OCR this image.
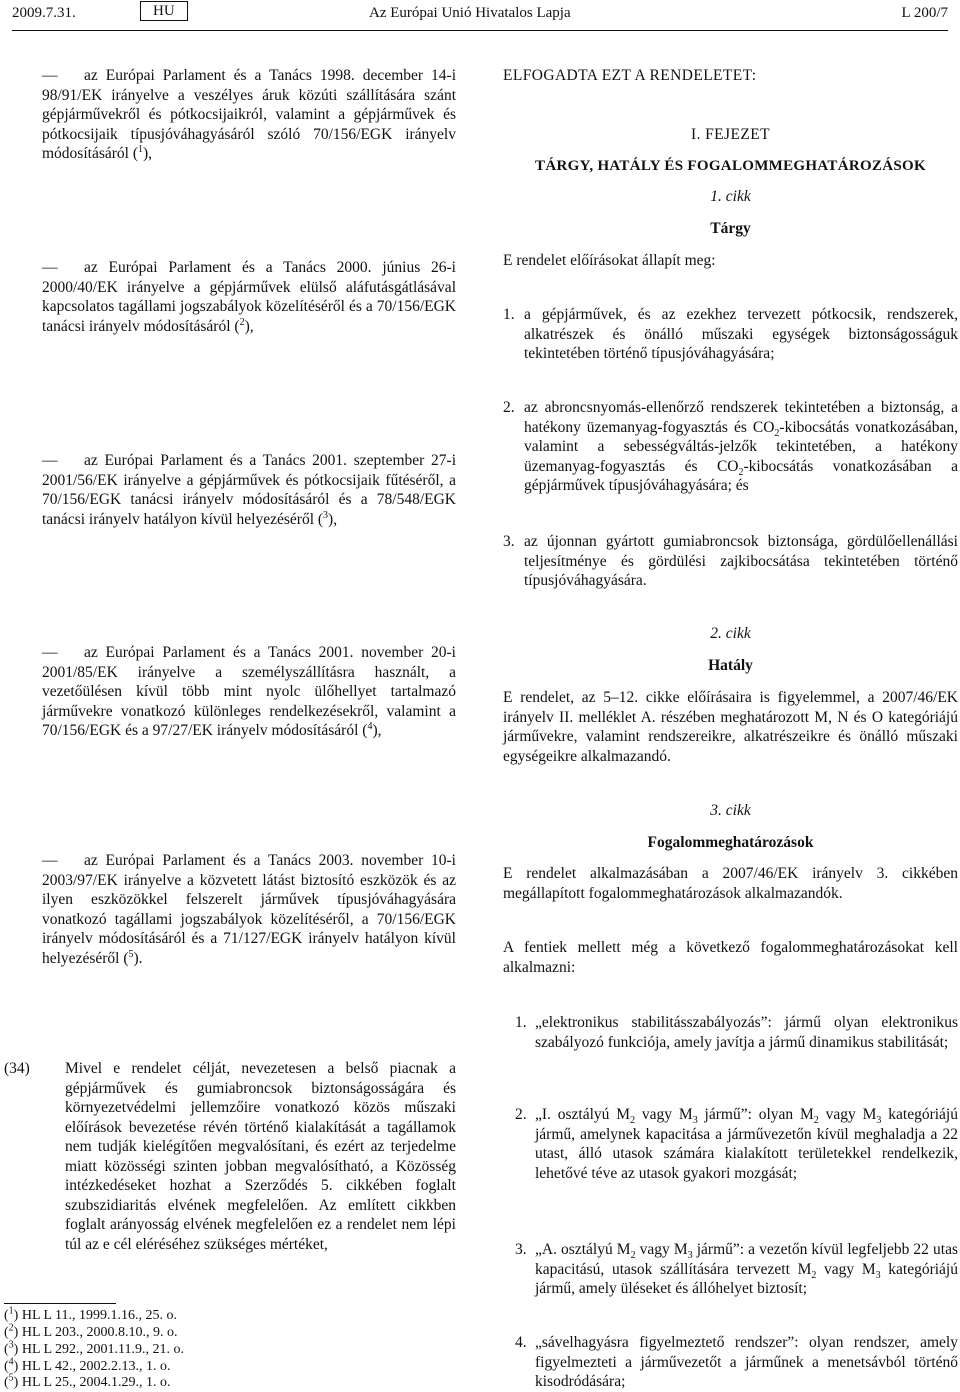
2009.7.31.	HU	Az Európai Unió Hivatalos Lapja	L 200/7
—	az Európai Parlament és a Tanács 1998. december 14-i 98/91/EK irányelve a veszélyes áruk közúti szállítására szánt gépjárművekről és pótkocsijaikról, valamint a gépjárművek és pótkocsijaik típusjóváhagyásáról szóló 70/156/EGK irányelv módosításáról ($^1$),
—	az Európai Parlament és a Tanács 2000. június 26-i 2000/40/EK irányelve a gépjárművek elülső aláfutásgátlásával kapcsolatos tagállami jogszabályok közelítéséről és a 70/156/EGK tanácsi irányelv módosításáról ($^2$),
—	az Európai Parlament és a Tanács 2001. szeptember 27-i 2001/56/EK irányelve a gépjárművek és pótkocsijaik fűtéséről, a 70/156/EGK tanácsi irányelv módosításáról és a 78/548/EGK tanácsi irányelv hatályon kívül helyezéséről ($^3$),
—	az Európai Parlament és a Tanács 2001. november 20-i 2001/85/EK irányelve a személyszállításra használt, a vezetőülésen kívül több mint nyolc ülőhellyet tartalmazó járművekre vonatkozó különleges rendelkezésekről, valamint a 70/156/EGK és a 97/27/EK irányelv módosításáról ($^4$),
—	az Európai Parlament és a Tanács 2003. november 10-i 2003/97/EK irányelve a közvetett látást biztosító eszközök és az ilyen eszközökkel felszerelt járművek típusjóváhagyására vonatkozó tagállami jogszabályok közelítéséről, a 70/156/EGK irányelv módosításáról és a 71/127/EGK irányelv hatályon kívül helyezéséről ($^5$).
(34) Mivel e rendelet célját, nevezetesen a belső piacnak a gépjárművek és gumiabroncsok biztonságosságára és környezetvédelmi jellemzőire vonatkozó közös műszaki előírások bevezetése révén történő kialakítását a tagállamok nem tudják kielégítően megvalósítani, és ezért az terjedelme miatt közösségi szinten jobban megvalósítható, a Közösség intézkedéseket hozhat a Szerződés 5. cikkében foglalt szubszidiaritás elvének megfelelően. Az említett cikkben foglalt arányosság elvének megfelelően ez a rendelet nem lépi túl az e cél eléréséhez szükséges mértéket,
($^1$) HL L 11., 1999.1.16., 25. o.
($^2$) HL L 203., 2000.8.10., 9. o.
($^3$) HL L 292., 2001.11.9., 21. o.
($^4$) HL L 42., 2002.2.13., 1. o.
($^5$) HL L 25., 2004.1.29., 1. o.
ELFOGADTA EZT A RENDELETET:
I. FEJEZET
TÁRGY, HATÁLY ÉS FOGALOMMEGHATÁROZÁSOK
1. cikk
Tárgy
E rendelet előírásokat állapít meg:
1. a gépjárművek, és az ezekhez tervezett pótkocsik, rendszerek, alkatrészek és önálló műszaki egységek biztonságosságuk tekintetében történő típusjóváhagyására;
2. az abroncsnyomás-ellenőrző rendszerek tekintetében a biztonság, a hatékony üzemanyag-fogyasztás és $CO_2$-kibocsátás vonatkozásában, valamint a sebességváltás-jelzők tekintetében, a hatékony üzemanyag-fogyasztás és $CO_2$-kibocsátás vonatkozásában a gépjárművek típusjóváhagyására; és
3. az újonnan gyártott gumiabroncsok biztonsága, gördülőellenállási teljesítménye és gördülési zajkibocsátása tekintetében történő típusjóváhagyására.
2. cikk
Hatály
E rendelet, az 5–12. cikke előírásaira is figyelemmel, a 2007/46/EK irányelv II. melléklet A. részében meghatározott M, N és O kategóriájú járművekre, valamint rendszereikre, alkatrészeikre és önálló műszaki egységeikre alkalmazandó.
3. cikk
Fogalommeghatározások
E rendelet alkalmazásában a 2007/46/EK irányelv 3. cikkében megállapított fogalommeghatározások alkalmazandók.
A fentiek mellett még a következő fogalommeghatározásokat kell alkalmazni:
1. „elektronikus stabilitásszabályozás”: jármű olyan elektronikus szabályozó funkciója, amely javítja a jármű dinamikus stabilitását;
2. „I. osztályú $M_2$ vagy $M_3$ jármű”: olyan $M_2$ vagy $M_3$ kategóriájú jármű, amelynek kapacitása a járművezetőn kívül meghaladja a 22 utast, álló utasok számára kialakított területekkel rendelkezik, lehetővé téve az utasok gyakori mozgását;
3. „A. osztályú $M_2$ vagy $M_3$ jármű”: a vezetőn kívül legfeljebb 22 utas kapacitású, utasok szállítására tervezett $M_2$ vagy $M_3$ kategóriájú jármű, amely üléseket és állóhelyet biztosít;
4. „sávelhagyásra figyelmeztető rendszer”: olyan rendszer, amely figyelmezteti a járművezetőt a járműnek a menetsávból történő kisodródására;
